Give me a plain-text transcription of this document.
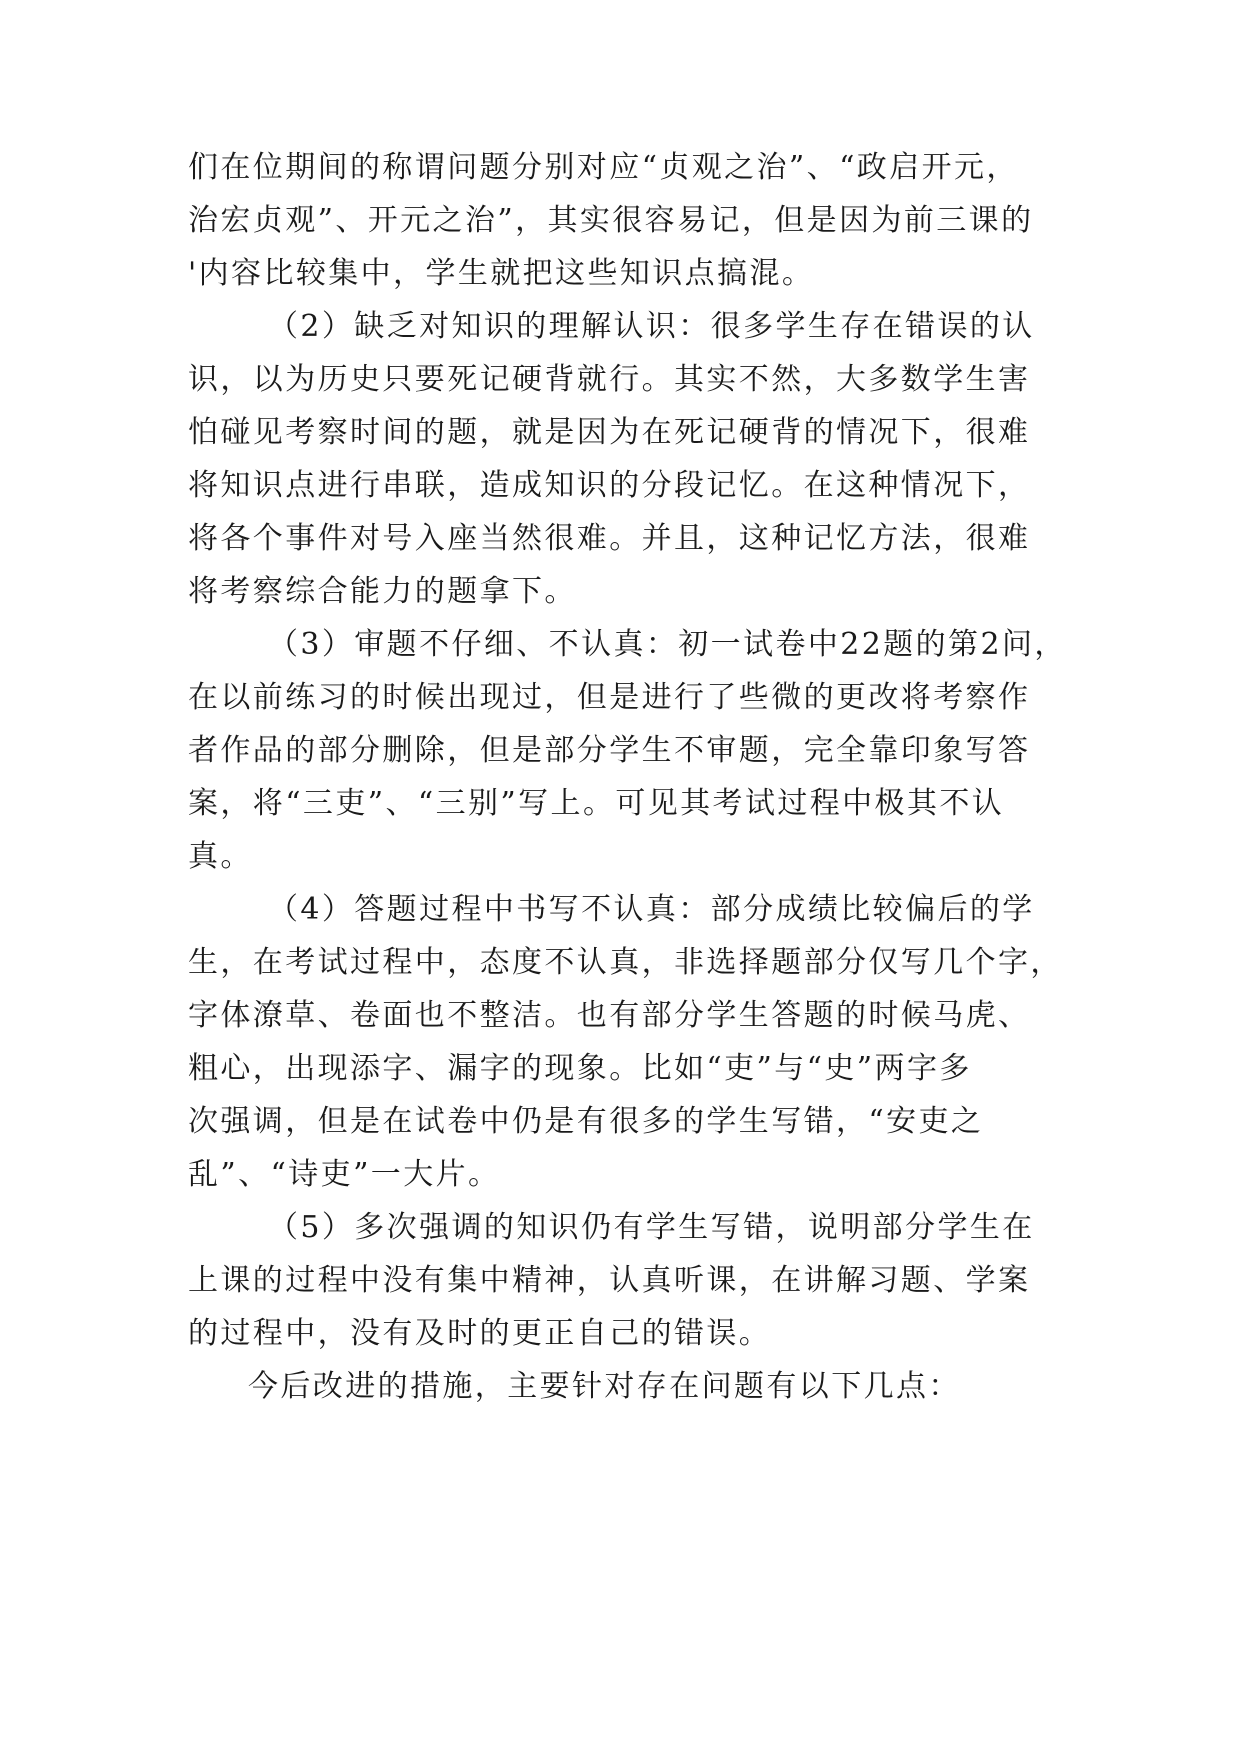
们在位期间的称谓问题分别对应“贞观之治”、“政启开元，
治宏贞观”、开元之治”，其实很容易记，但是因为前三课的
'内容比较集中，学生就把这些知识点搞混。
（2）缺乏对知识的理解认识：很多学生存在错误的认
识，以为历史只要死记硬背就行。其实不然，大多数学生害
怕碰见考察时间的题，就是因为在死记硬背的情况下，很难
将知识点进行串联，造成知识的分段记忆。在这种情况下，
将各个事件对号入座当然很难。并且，这种记忆方法，很难
将考察综合能力的题拿下。
（3）审题不仔细、不认真：初一试卷中22题的第2问，
在以前练习的时候出现过，但是进行了些微的更改将考察作
者作品的部分删除，但是部分学生不审题，完全靠印象写答
案，将“三吏”、“三别”写上。可见其考试过程中极其不认
真。
（4）答题过程中书写不认真：部分成绩比较偏后的学
生，在考试过程中，态度不认真，非选择题部分仅写几个字，
字体潦草、卷面也不整洁。也有部分学生答题的时候马虎、
粗心，出现添字、漏字的现象。比如“吏”与“史”两字多
次强调，但是在试卷中仍是有很多的学生写错，“安吏之
乱”、“诗吏”一大片。
（5）多次强调的知识仍有学生写错，说明部分学生在
上课的过程中没有集中精神，认真听课，在讲解习题、学案
的过程中，没有及时的更正自己的错误。
今后改进的措施，主要针对存在问题有以下几点：
